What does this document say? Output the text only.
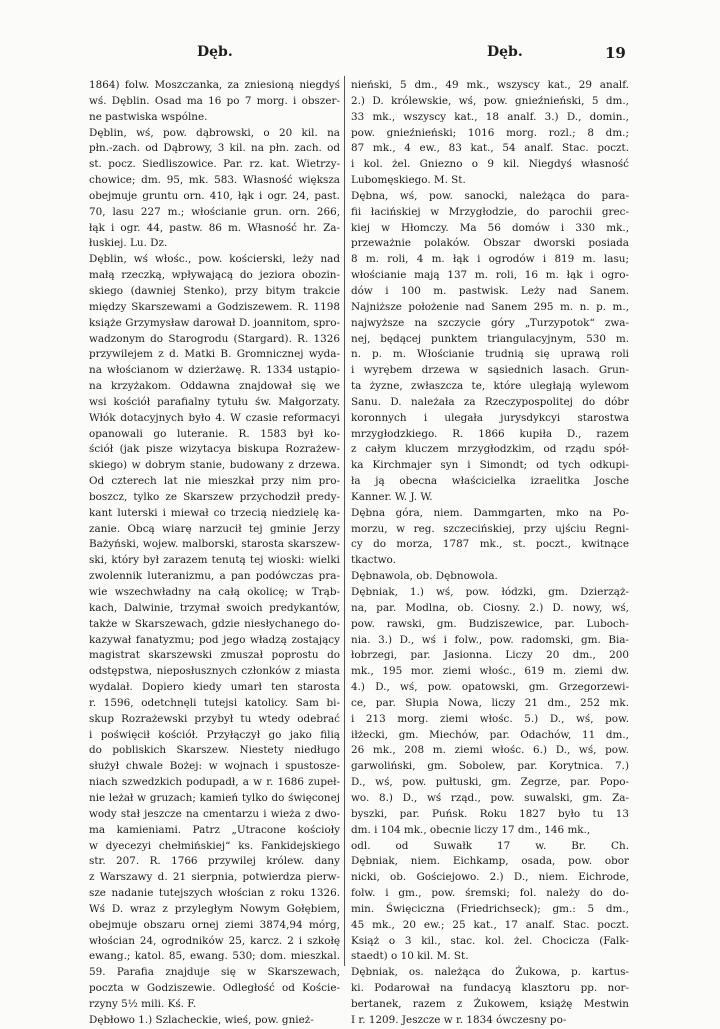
Dęb.	Dęb.	19
1864) folw. Moszczanka, za zniesioną niegdyś
wś. Dęblin. Osad ma 16 po 7 morg. i obszer-
ne pastwiska wspólne.
Dęblin, wś, pow. dąbrowski, o 20 kil. na
płn.-zach. od Dąbrowy, 3 kil. na płn. zach. od
st. pocz. Siedliszowice. Par. rz. kat. Wietrzy-
chowice; dm. 95, mk. 583. Własność większa
obejmuje gruntu orn. 410, łąk i ogr. 24, past.
70, lasu 227 m.; włościanie grun. orn. 266,
łąk i ogr. 44, pastw. 86 m. Własność hr. Za-
łuskiej. Lu. Dz.
Dęblin, wś włośc., pow. kościerski, leży nad
małą rzeczką, wpływającą do jeziora obozin-
skiego (dawniej Stenko), przy bitym trakcie
między Skarszewami a Godziszewem. R. 1198
książe Grzymysław darował D. joannitom, spro-
wadzonym do Starogrodu (Stargard). R. 1326
przywilejem z d. Matki B. Gromnicznej wyda-
na włościanom w dzierżawę. R. 1334 ustąpio-
na krzyżakom. Oddawna znajdował się we
wsi kościół parafialny tytułu św. Małgorzaty.
Włók dotacyjnych było 4. W czasie reformacyi
opanowali go luteranie. R. 1583 był ko-
ściół (jak pisze wizytacya biskupa Rozrażew-
skiego) w dobrym stanie, budowany z drzewa.
Od czterech lat nie mieszkał przy nim pro-
boszcz, tylko ze Skarszew przychodził predy-
kant luterski i miewał co trzecią niedzielę ka-
zanie. Obcą wiarę narzucił tej gminie Jerzy
Bażyński, wojew. malborski, starosta skarszew-
ski, który był zarazem tenutą tej wioski: wielki
zwolennik luteranizmu, a pan podówczas pra-
wie wszechwładny na całą okolicę; w Trąb-
kach, Dalwinie, trzymał swoich predykantów,
także w Skarszewach, gdzie niesłychanego do-
kazywał fanatyzmu; pod jego władzą zostający
magistrat skarszewski zmuszał poprostu do
odstępstwa, nieposłusznych członków z miasta
wydalał. Dopiero kiedy umarł ten starosta
r. 1596, odetchnęli tutejsi katolicy. Sam bi-
skup Rozrażewski przybył tu wtedy odebrać
i poświęcił kościół. Przyłączył go jako filią
do pobliskich Skarszew. Niestety niedługo
służył chwale Bożej: w wojnach i spustosze-
niach szwedzkich podupadł, a w r. 1686 zupeł-
nie leżał w gruzach; kamień tylko do święconej
wody stał jeszcze na cmentarzu i wieża z dwo-
ma kamieniami. Patrz „Utracone kościoły
w dyecezyi chełmińskiej“ ks. Fankidejskiego
str. 207. R. 1766 przywilej królew. dany
z Warszawy d. 21 sierpnia, potwierdza pierw-
sze nadanie tutejszych włościan z roku 1326.
Wś D. wraz z przyległym Nowym Gołębiem,
obejmuje obszaru ornej ziemi 3874,94 mórg,
włościan 24, ogrodników 25, karcz. 2 i szkołę
ewang.; katol. 85, ewang. 530; dom. mieszkal.
59. Parafia znajduje się w Skarszewach,
poczta w Godziszewie. Odległość od Koście-
rzyny 5½ mili. Kś. F.
Dębłowo 1.) Szlacheckie, wieś, pow. gnież-
nieński, 5 dm., 49 mk., wszyscy kat., 29 analf.
2.) D. królewskie, wś, pow. gnieźnieński, 5 dm.,
33 mk., wszyscy kat., 18 analf. 3.) D., domin.,
pow. gnieźnieński; 1016 morg. rozl.; 8 dm.;
87 mk., 4 ew., 83 kat., 54 analf. Stac. poczt.
i kol. żel. Gniezno o 9 kil. Niegdyś własność
Lubomęskiego. M. St.
Dębna, wś, pow. sanocki, należąca do para-
fii łacińskiej w Mrzygłodzie, do parochii grec-
kiej w Hłomczy. Ma 56 domów i 330 mk.,
przeważnie polaków. Obszar dworski posiada
8 m. roli, 4 m. łąk i ogrodów i 819 m. lasu;
włościanie mają 137 m. roli, 16 m. łąk i ogro-
dów i 100 m. pastwisk. Leży nad Sanem.
Najniższe położenie nad Sanem 295 m. n. p. m.,
najwyższe na szczycie góry „Turzypotok“ zwa-
nej, będącej punktem triangulacyjnym, 530 m.
n. p. m. Włościanie trudnią się uprawą roli
i wyrębem drzewa w sąsiednich lasach. Grun-
ta żyzne, zwłaszcza te, które uległają wylewom
Sanu. D. należała za Rzeczypospolitej do dóbr
koronnych i ulegała jurysdykcyi starostwa
mrzygłodzkiego. R. 1866 kupiła D., razem
z całym kluczem mrzygłodzkim, od rządu spół-
ka Kirchmajer syn i Simondt; od tych odkupi-
ła ją obecna właścicielka izraelitka Josche
Kanner. W. J. W.
Dębna góra, niem. Dammgarten, mko na Po-
morzu, w reg. szczecińskiej, przy ujściu Regni-
cy do morza, 1787 mk., st. poczt., kwitnące
tkactwo.
Dębnawola, ob. Dębnowola.
Dębniak, 1.) wś, pow. łódzki, gm. Dzierząż-
na, par. Modlna, ob. Ciosny. 2.) D. nowy, wś,
pow. rawski, gm. Budziszewice, par. Luboch-
nia. 3.) D., wś i folw., pow. radomski, gm. Bia-
łobrzegi, par. Jasionna. Liczy 20 dm., 200
mk., 195 mor. ziemi włośc., 619 m. ziemi dw.
4.) D., wś, pow. opatowski, gm. Grzegorzewi-
ce, par. Słupia Nowa, liczy 21 dm., 252 mk.
i 213 morg. ziemi włośc. 5.) D., wś, pow.
iłżecki, gm. Miechów, par. Odachów, 11 dm.,
26 mk., 208 m. ziemi włośc. 6.) D., wś, pow.
garwoliński, gm. Sobolew, par. Korytnica. 7.)
D., wś, pow. pułtuski, gm. Zegrze, par. Popo-
wo. 8.) D., wś rząd., pow. suwalski, gm. Za-
byszki, par. Puńsk. Roku 1827 było tu 13
dm. i 104 mk., obecnie liczy 17 dm., 146 mk.,
odl. od Suwałk 17 w. Br. Ch.
Dębniak, niem. Eichkamp, osada, pow. obor
nicki, ob. Gościejowo. 2.) D., niem. Eichrode,
folw. i gm., pow. śremski; fol. należy do do-
min. Święciczna (Friedrichseck); gm.: 5 dm.,
45 mk., 20 ew.; 25 kat., 17 analf. Stac. poczt.
Książ o 3 kil., stac. kol. żel. Chocicza (Falk-
staedt) o 10 kil. M. St.
Dębniak, os. należąca do Żukowa, p. kartus-
ki. Podarował na fundacyą klasztoru pp. nor-
bertanek, razem z Żukowem, książę Mestwin
I r. 1209. Jeszcze w r. 1834 ówczesny po-
